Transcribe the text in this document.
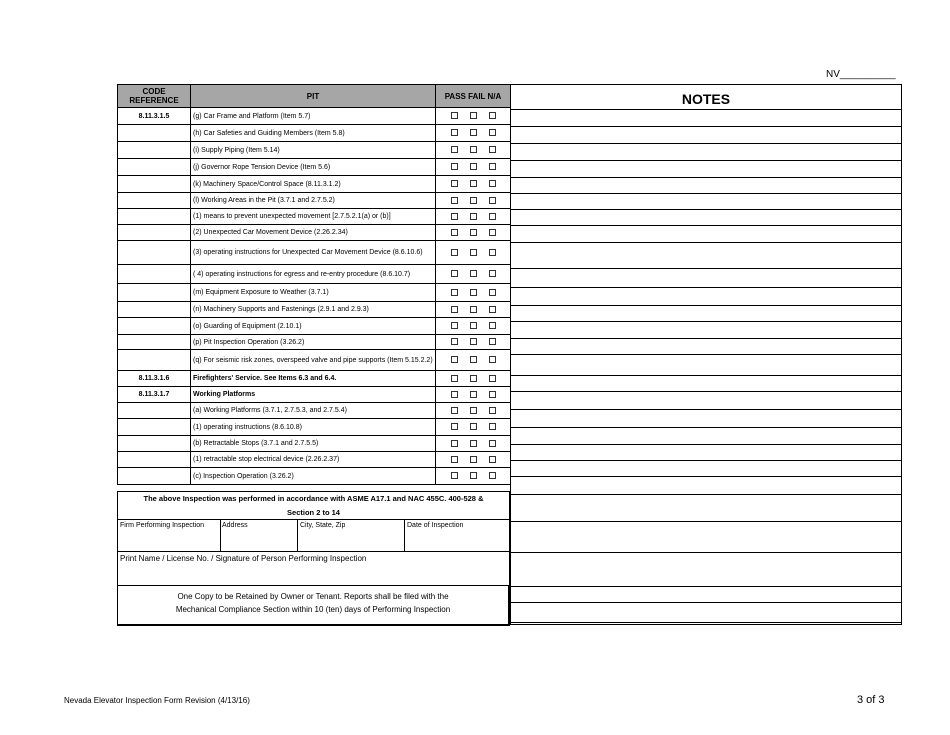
NV__________
CODE REFERENCE	PIT	PASS FAIL N/A
8.11.3.1.5	(g) Car Frame and Platform (Item 5.7)	
	(h) Car Safeties and Guiding Members (Item 5.8)	
	(i) Supply Piping (Item 5.14)	
	(j) Governor Rope Tension Device (Item 5.6)	
	(k) Machinery Space/Control Space (8.11.3.1.2)	
	(l) Working Areas in the Pit (3.7.1 and 2.7.5.2)	
	(1) means to prevent unexpected movement [2.7.5.2.1(a) or (b)]	
	(2) Unexpected Car Movement Device (2.26.2.34)	
	(3) operating instructions for Unexpected Car Movement Device (8.6.10.6)	
	( 4) operating instructions for egress and re-entry procedure (8.6.10.7)	
	(m) Equipment Exposure to Weather (3.7.1)	
	(n) Machinery Supports and Fastenings (2.9.1 and 2.9.3)	
	(o) Guarding of Equipment (2.10.1)	
	(p) Pit Inspection Operation (3.26.2)	
	(q) For seismic risk zones, overspeed valve and pipe supports (Item 5.15.2.2)	
8.11.3.1.6	Firefighters' Service. See Items 6.3 and 6.4.	
8.11.3.1.7	Working Platforms	
	(a) Working Platforms (3.7.1, 2.7.5.3, and 2.7.5.4)	
	(1) operating instructions (8.6.10.8)	
	(b) Retractable Stops (3.7.1 and 2.7.5.5)	
	(1) retractable stop electrical device (2.26.2.37)	
	(c) Inspection Operation (3.26.2)	
The above Inspection was performed in accordance with ASME A17.1 and NAC 455C. 400-528 & Section 2 to 14
Firm Performing Inspection	Address	City, State, Zip	Date of Inspection
Print Name / License No. / Signature of Person Performing Inspection
One Copy to be Retained by Owner or Tenant. Reports shall be filed with the
Mechanical Compliance Section within 10 (ten) days of Performing Inspection
NOTES
Nevada Elevator Inspection Form Revision (4/13/16)	3 of 3
